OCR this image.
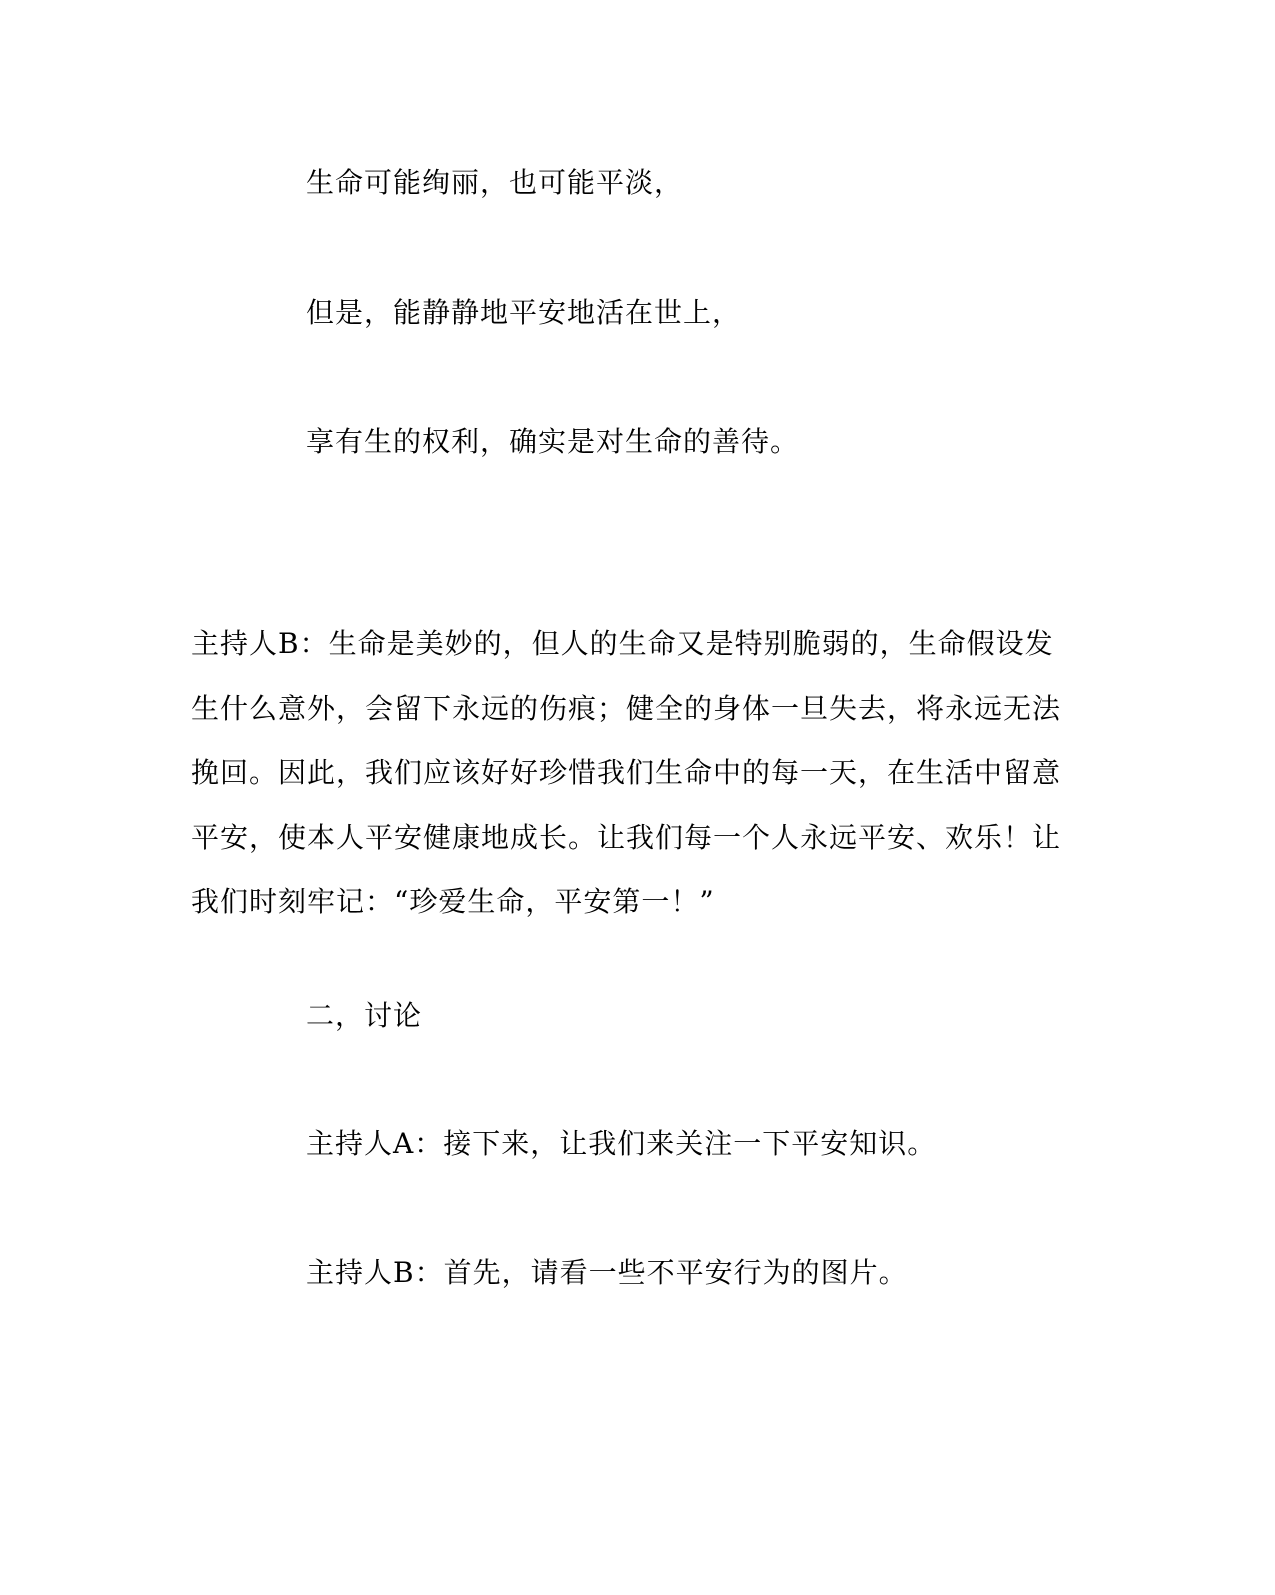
生命可能绚丽，也可能平淡，

但是，能静静地平安地活在世上，

享有生的权利，确实是对生命的善待。

主持人B：生命是美妙的，但人的生命又是特别脆弱的，生命假设发
生什么意外，会留下永远的伤痕；健全的身体一旦失去，将永远无法
挽回。因此，我们应该好好珍惜我们生命中的每一天，在生活中留意
平安，使本人平安健康地成长。让我们每一个人永远平安、欢乐！让
我们时刻牢记：“珍爱生命，平安第一！”

二，讨论

主持人A：接下来，让我们来关注一下平安知识。

主持人B：首先，请看一些不平安行为的图片。
